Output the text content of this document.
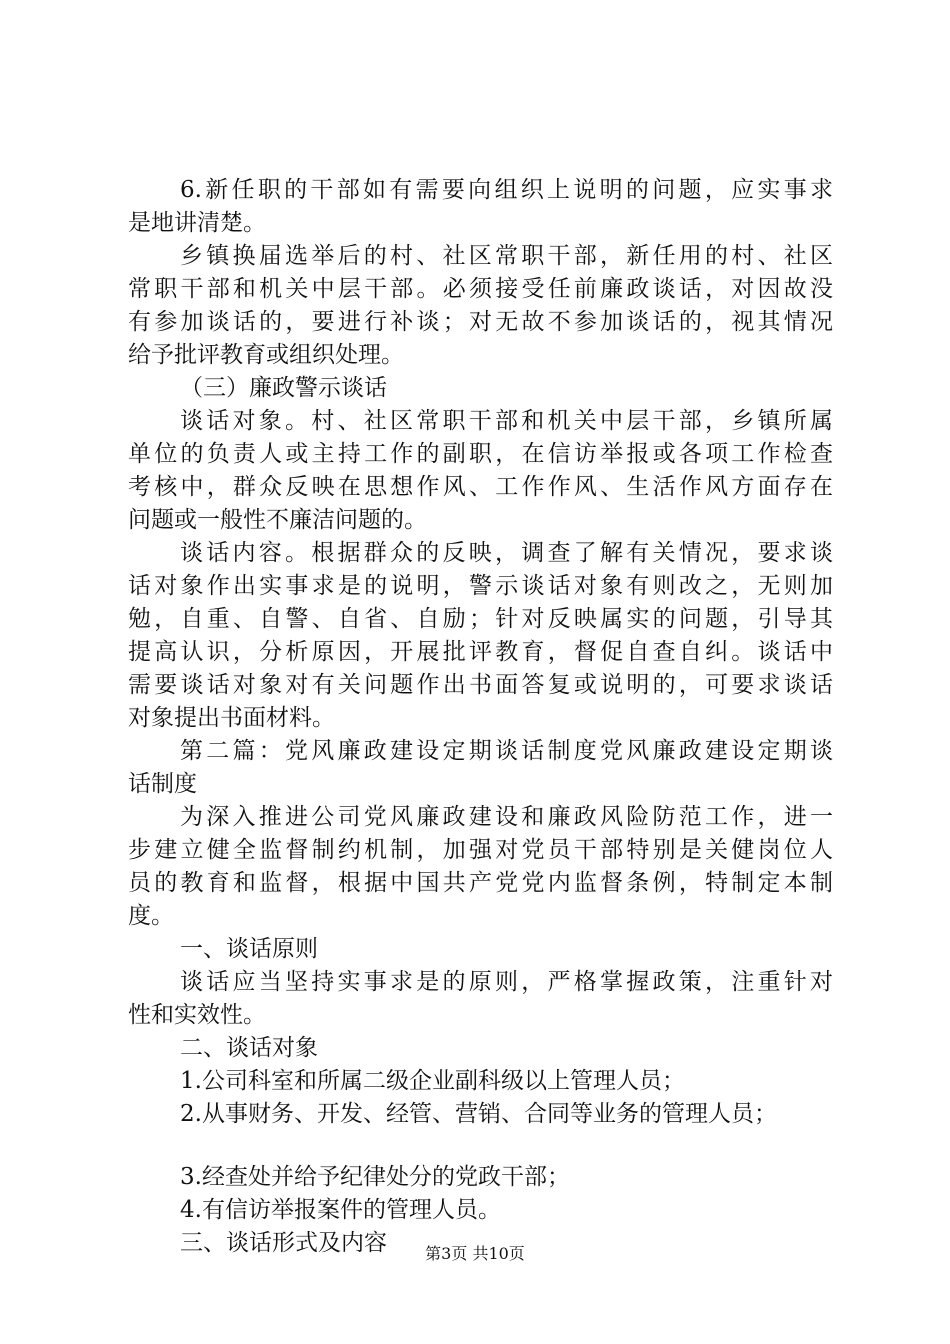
6.新任职的干部如有需要向组织上说明的问题，应实事求
是地讲清楚。
乡镇换届选举后的村、社区常职干部，新任用的村、社区
常职干部和机关中层干部。必须接受任前廉政谈话，对因故没
有参加谈话的，要进行补谈；对无故不参加谈话的，视其情况
给予批评教育或组织处理。
（三）廉政警示谈话
谈话对象。村、社区常职干部和机关中层干部，乡镇所属
单位的负责人或主持工作的副职，在信访举报或各项工作检查
考核中，群众反映在思想作风、工作作风、生活作风方面存在
问题或一般性不廉洁问题的。
谈话内容。根据群众的反映，调查了解有关情况，要求谈
话对象作出实事求是的说明，警示谈话对象有则改之，无则加
勉，自重、自警、自省、自励；针对反映属实的问题，引导其
提高认识，分析原因，开展批评教育，督促自查自纠。谈话中
需要谈话对象对有关问题作出书面答复或说明的，可要求谈话
对象提出书面材料。
第二篇：党风廉政建设定期谈话制度党风廉政建设定期谈
话制度
为深入推进公司党风廉政建设和廉政风险防范工作，进一
步建立健全监督制约机制，加强对党员干部特别是关健岗位人
员的教育和监督，根据中国共产党党内监督条例，特制定本制
度。
一、谈话原则
谈话应当坚持实事求是的原则，严格掌握政策，注重针对
性和实效性。
二、谈话对象
1.公司科室和所属二级企业副科级以上管理人员；
2.从事财务、开发、经管、营销、合同等业务的管理人员；
3.经查处并给予纪律处分的党政干部；
4.有信访举报案件的管理人员。
三、谈话形式及内容	第3页 共10页
